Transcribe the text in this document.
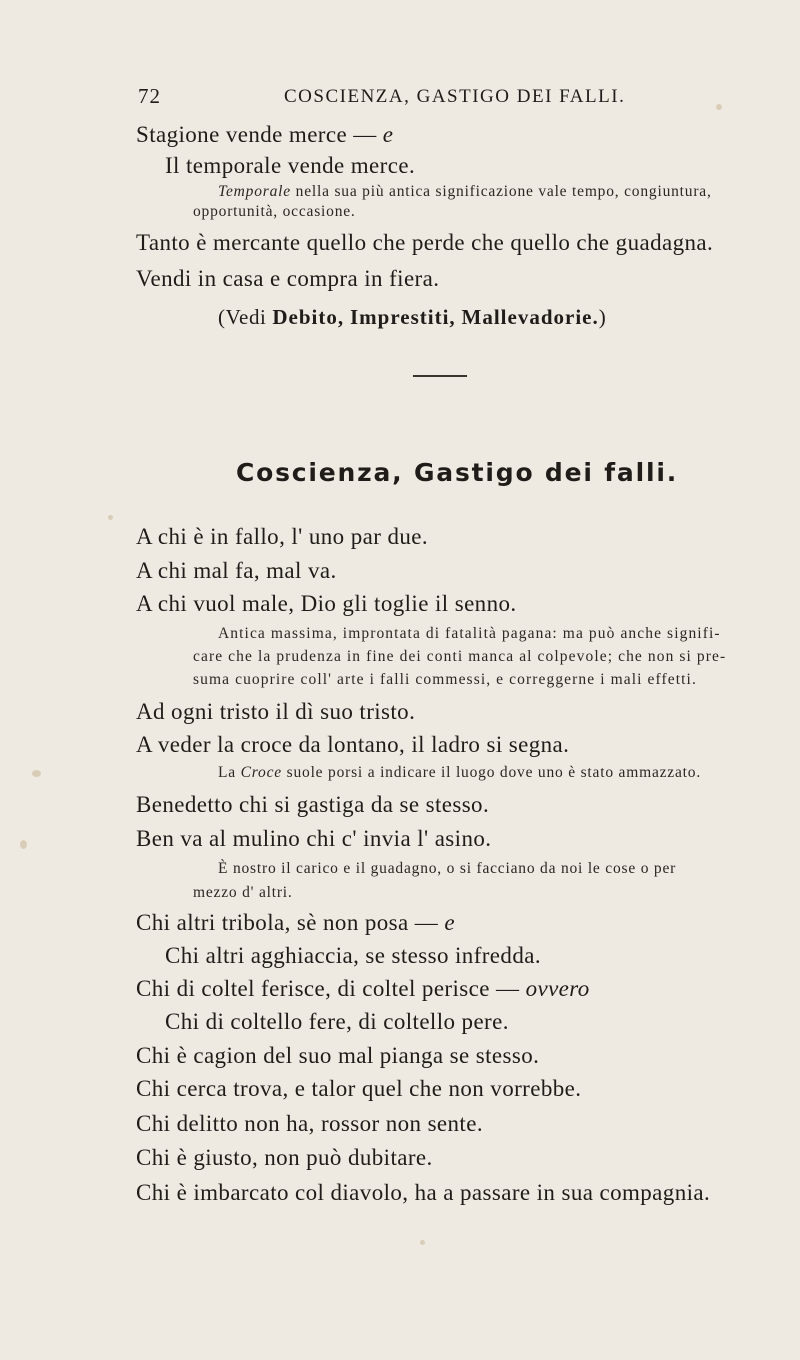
72	COSCIENZA, GASTIGO DEI FALLI.
Stagione vende merce — e
Il temporale vende merce.
Temporale nella sua più antica significazione vale tempo, congiuntura,
opportunità, occasione.
Tanto è mercante quello che perde che quello che guadagna.
Vendi in casa e compra in fiera.
(Vedi Debito, Imprestiti, Mallevadorie.)
Coscienza, Gastigo dei falli.
A chi è in fallo, l' uno par due.
A chi mal fa, mal va.
A chi vuol male, Dio gli toglie il senno.
Antica massima, improntata di fatalità pagana: ma può anche signifi-
care che la prudenza in fine dei conti manca al colpevole; che non si pre-
suma cuoprire coll' arte i falli commessi, e correggerne i mali effetti.
Ad ogni tristo il dì suo tristo.
A veder la croce da lontano, il ladro si segna.
La Croce suole porsi a indicare il luogo dove uno è stato ammazzato.
Benedetto chi si gastiga da se stesso.
Ben va al mulino chi c' invia l' asino.
È nostro il carico e il guadagno, o si facciano da noi le cose o per
mezzo d' altri.
Chi altri tribola, sè non posa — e
Chi altri agghiaccia, se stesso infredda.
Chi di coltel ferisce, di coltel perisce — ovvero
Chi di coltello fere, di coltello pere.
Chi è cagion del suo mal pianga se stesso.
Chi cerca trova, e talor quel che non vorrebbe.
Chi delitto non ha, rossor non sente.
Chi è giusto, non può dubitare.
Chi è imbarcato col diavolo, ha a passare in sua compagnia.
